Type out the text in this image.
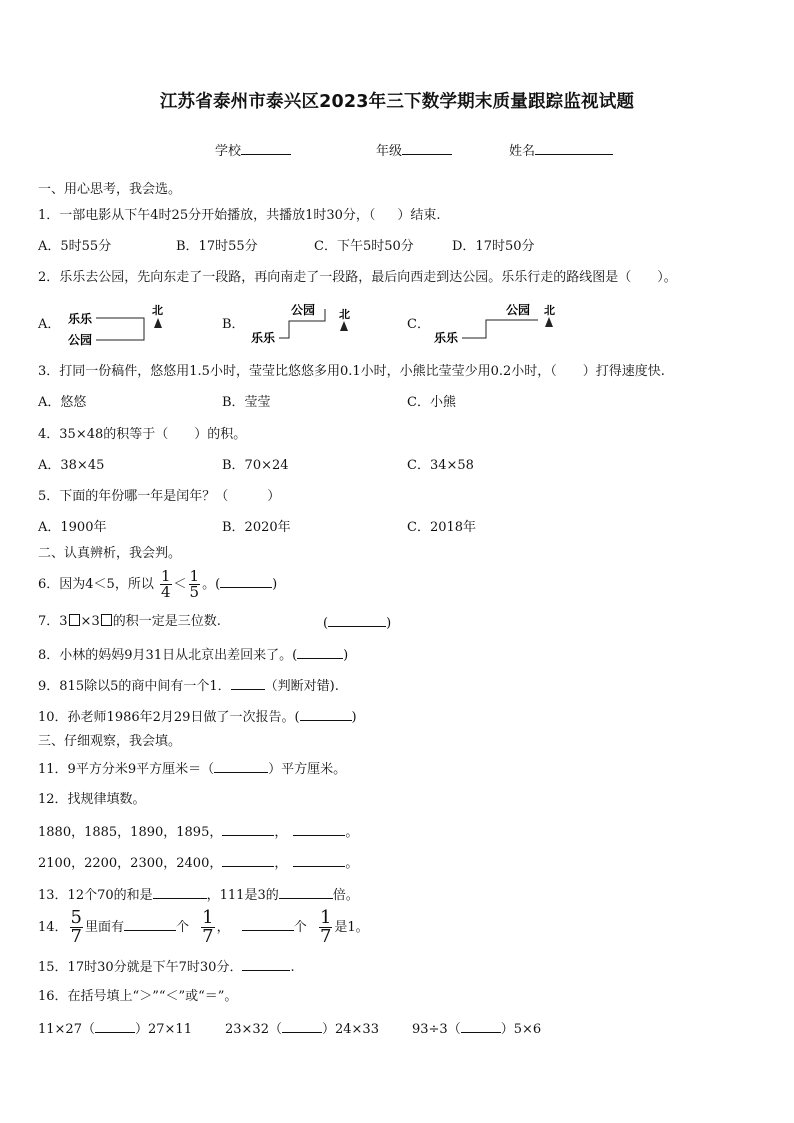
江苏省泰州市泰兴区2023年三下数学期末质量跟踪监视试题
学校	年级	姓名
一、用心思考，我会选。
1．一部电影从下午4时25分开始播放，共播放1时30分，（ ）结束.
A．5时55分	B．17时55分	C．下午5时50分	D．17时50分
2．乐乐去公园，先向东走了一段路，再向南走了一段路，最后向西走到达公园。乐乐行走的路线图是（　　）。
A．	B．	C．
乐乐
公园
北	公园
乐乐
北	公园
乐乐
北
3．打同一份稿件，悠悠用1.5小时，莹莹比悠悠多用0.1小时，小熊比莹莹少用0.2小时，（　　）打得速度快.
A．悠悠	B．莹莹	C．小熊
4．35×48的积等于（　　）的积。
A．38×45	B．70×24	C．34×58
5．下面的年份哪一年是闰年？（　　　）
A．1900年	B．2020年	C．2018年
二、认真辨析，我会判。
6．因为4＜5，所以 $\frac{1}{4} < \frac{1}{5}$ 。(	)
7．3 ×3 的积一定是三位数.	(	)
8．小林的妈妈9月31日从北京出差回来了。(	)
9．815除以5的商中间有一个1．	（判断对错).
10．孙老师1986年2月29日做了一次报告。(	)
三、仔细观察，我会填。
11．9平方分米9平方厘米＝（	）平方厘米。
12．找规律填数。
1880，1885，1890，1895，	，	。
2100，2200，2300，2400，	，	。
13．12个70的和是	，111是3的	倍。
14． $\frac{5}{7}$ 里面有	个 $\frac{1}{7}$ ，	个 $\frac{1}{7}$ 是1。
15．17时30分就是下午7时30分．	.
16．在括号填上“＞”“＜”或“＝”。
11×27（	）27×11	23×32（	）24×33	93÷3（	）5×6
